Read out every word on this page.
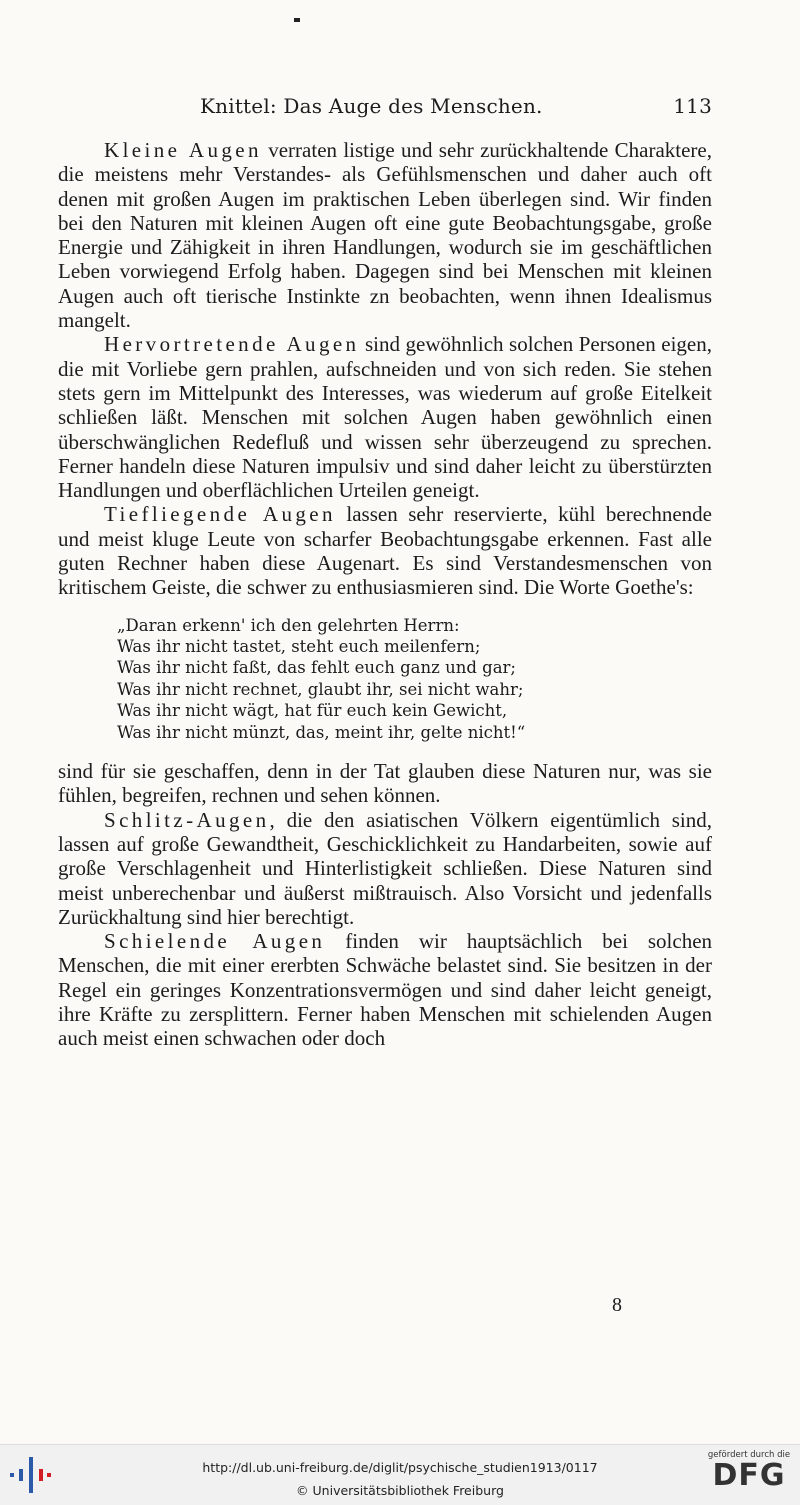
Knittel: Das Auge des Menschen.	113

Kleine Augen verraten listige und sehr zurückhaltende Charaktere, die meistens mehr Verstandes- als Gefühlsmenschen und daher auch oft denen mit großen Augen im praktischen Leben überlegen sind. Wir finden bei den Naturen mit kleinen Augen oft eine gute Beobachtungsgabe, große Energie und Zähigkeit in ihren Handlungen, wodurch sie im geschäftlichen Leben vorwiegend Erfolg haben. Dagegen sind bei Menschen mit kleinen Augen auch oft tierische Instinkte zn beobachten, wenn ihnen Idealismus mangelt.

Hervortretende Augen sind gewöhnlich solchen Personen eigen, die mit Vorliebe gern prahlen, aufschneiden und von sich reden. Sie stehen stets gern im Mittelpunkt des Interesses, was wiederum auf große Eitelkeit schließen läßt. Menschen mit solchen Augen haben gewöhnlich einen überschwänglichen Redefluß und wissen sehr überzeugend zu sprechen. Ferner handeln diese Naturen impulsiv und sind daher leicht zu überstürzten Handlungen und oberflächlichen Urteilen geneigt.

Tiefliegende Augen lassen sehr reservierte, kühl berechnende und meist kluge Leute von scharfer Beobachtungsgabe erkennen. Fast alle guten Rechner haben diese Augenart. Es sind Verstandesmenschen von kritischem Geiste, die schwer zu enthusiasmieren sind. Die Worte Goethe's:

„Daran erkenn' ich den gelehrten Herrn:
Was ihr nicht tastet, steht euch meilenfern;
Was ihr nicht faßt, das fehlt euch ganz und gar;
Was ihr nicht rechnet, glaubt ihr, sei nicht wahr;
Was ihr nicht wägt, hat für euch kein Gewicht,
Was ihr nicht münzt, das, meint ihr, gelte nicht!“

sind für sie geschaffen, denn in der Tat glauben diese Naturen nur, was sie fühlen, begreifen, rechnen und sehen können.

Schlitz-Augen, die den asiatischen Völkern eigentümlich sind, lassen auf große Gewandtheit, Geschicklichkeit zu Handarbeiten, sowie auf große Verschlagenheit und Hinterlistigkeit schließen. Diese Naturen sind meist unberechenbar und äußerst mißtrauisch. Also Vorsicht und jedenfalls Zurückhaltung sind hier berechtigt.

Schielende Augen finden wir hauptsächlich bei solchen Menschen, die mit einer ererbten Schwäche belastet sind. Sie besitzen in der Regel ein geringes Konzentrationsvermögen und sind daher leicht geneigt, ihre Kräfte zu zersplittern. Ferner haben Menschen mit schielenden Augen auch meist einen schwachen oder doch

8
http://dl.ub.uni-freiburg.de/diglit/psychische_studien1913/0117
© Universitätsbibliothek Freiburg
gefördert durch die
DFG
